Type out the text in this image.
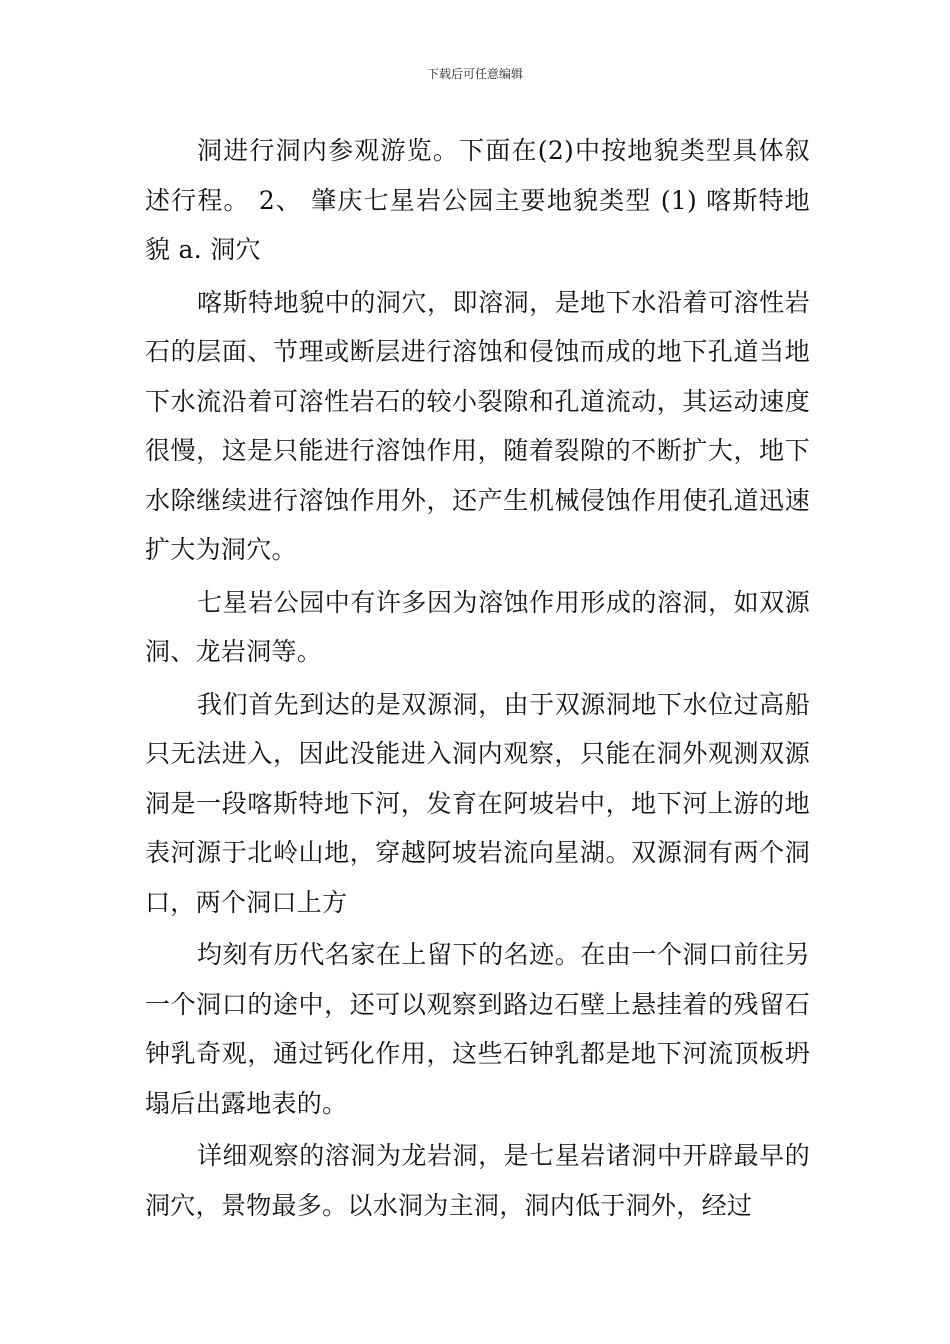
下载后可任意编辑

洞进行洞内参观游览。下面在(2)中按地貌类型具体叙述行程。 2、 肇庆七星岩公园主要地貌类型 (1) 喀斯特地貌 a. 洞穴

喀斯特地貌中的洞穴，即溶洞，是地下水沿着可溶性岩石的层面、节理或断层进行溶蚀和侵蚀而成的地下孔道当地下水流沿着可溶性岩石的较小裂隙和孔道流动，其运动速度很慢，这是只能进行溶蚀作用，随着裂隙的不断扩大，地下水除继续进行溶蚀作用外，还产生机械侵蚀作用使孔道迅速扩大为洞穴。

七星岩公园中有许多因为溶蚀作用形成的溶洞，如双源洞、龙岩洞等。

我们首先到达的是双源洞，由于双源洞地下水位过高船只无法进入，因此没能进入洞内观察，只能在洞外观测双源洞是一段喀斯特地下河，发育在阿坡岩中，地下河上游的地表河源于北岭山地，穿越阿坡岩流向星湖。双源洞有两个洞口，两个洞口上方

均刻有历代名家在上留下的名迹。在由一个洞口前往另一个洞口的途中，还可以观察到路边石壁上悬挂着的残留石钟乳奇观，通过钙化作用，这些石钟乳都是地下河流顶板坍塌后出露地表的。

详细观察的溶洞为龙岩洞，是七星岩诸洞中开辟最早的洞穴，景物最多。以水洞为主洞，洞内低于洞外，经过
